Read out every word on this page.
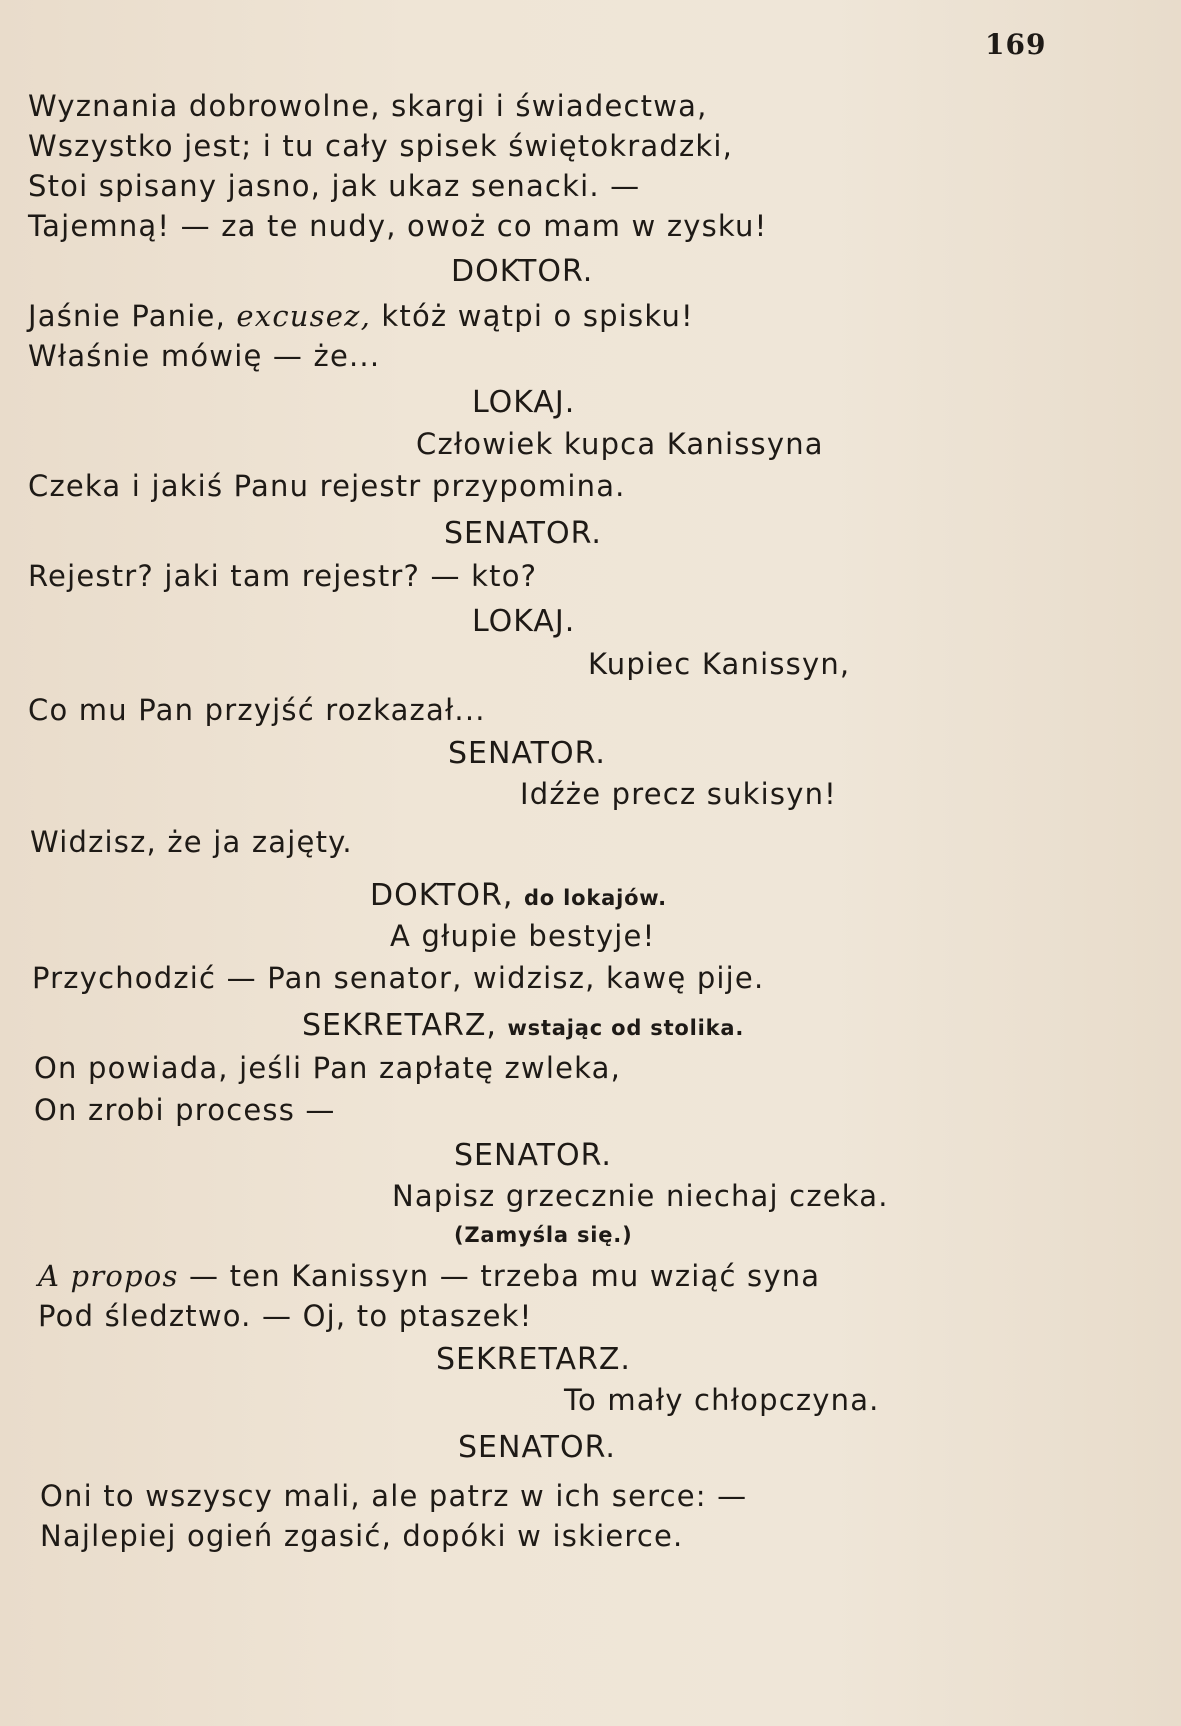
169
Wyznania dobrowolne, skargi i świadectwa,
Wszystko jest; i tu cały spisek świętokradzki,
Stoi spisany jasno, jak ukaz senacki. —
Tajemną! — za te nudy, owoż co mam w zysku!
DOKTOR.
Jaśnie Panie, excusez, któż wątpi o spisku!
Właśnie mówię — że...
LOKAJ.
Człowiek kupca Kanissyna
Czeka i jakiś Panu rejestr przypomina.
SENATOR.
Rejestr? jaki tam rejestr? — kto?
LOKAJ.
Kupiec Kanissyn,
Co mu Pan przyjść rozkazał...
SENATOR.
Idźże precz sukisyn!
Widzisz, że ja zajęty.
DOKTOR, do lokajów.
A głupie bestyje!
Przychodzić — Pan senator, widzisz, kawę pije.
SEKRETARZ, wstając od stolika.
On powiada, jeśli Pan zapłatę zwleka,
On zrobi process —
SENATOR.
Napisz grzecznie niechaj czeka.
(Zamyśla się.)
A propos — ten Kanissyn — trzeba mu wziąć syna
Pod śledztwo. — Oj, to ptaszek!
SEKRETARZ.
To mały chłopczyna.
SENATOR.
Oni to wszyscy mali, ale patrz w ich serce: —
Najlepiej ogień zgasić, dopóki w iskierce.
